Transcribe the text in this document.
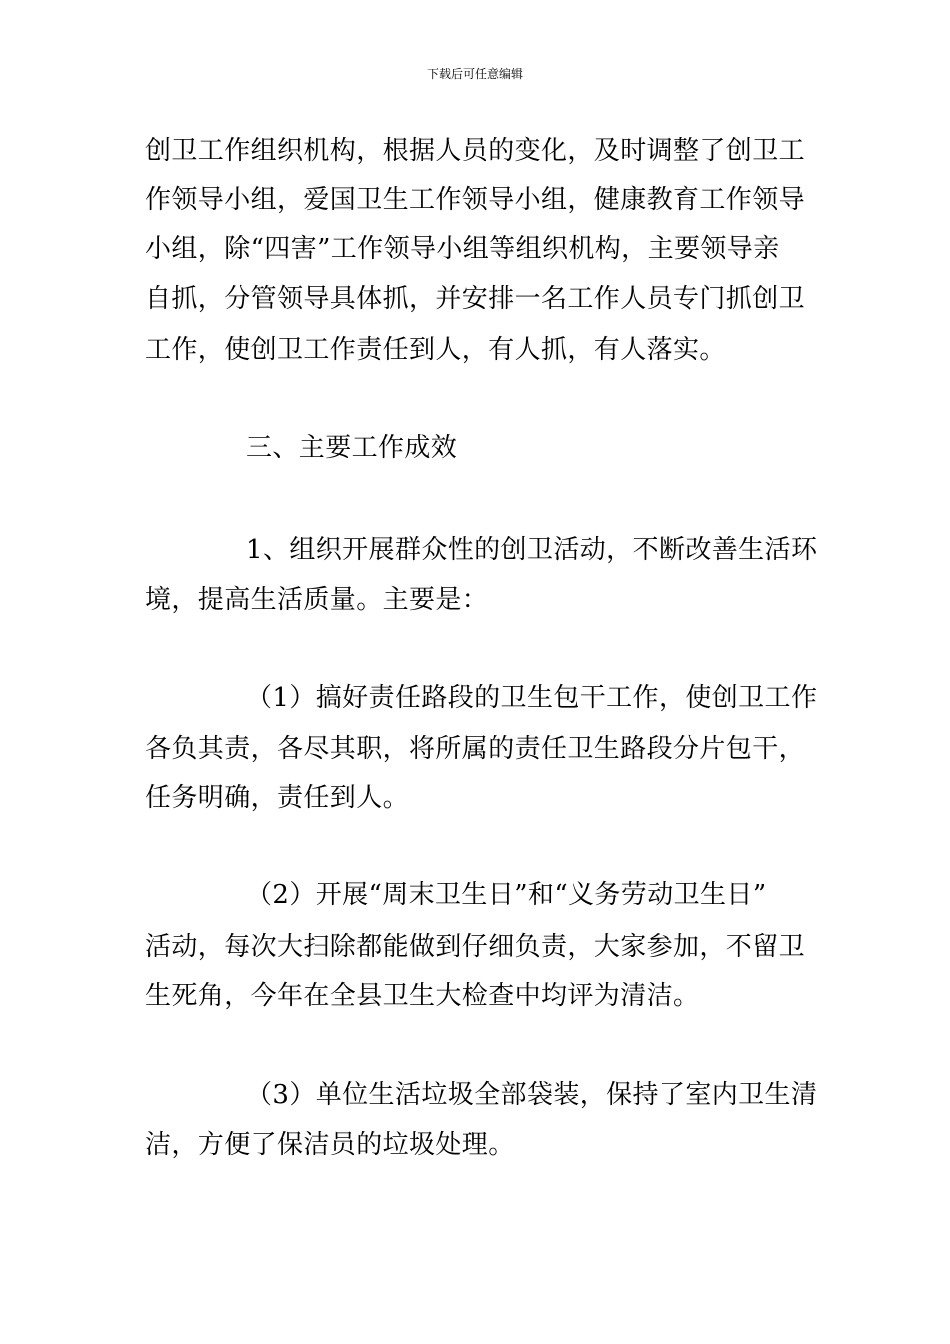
下载后可任意编辑
创卫工作组织机构，根据人员的变化，及时调整了创卫工
作领导小组，爱国卫生工作领导小组，健康教育工作领导
小组，除“四害”工作领导小组等组织机构，主要领导亲
自抓，分管领导具体抓，并安排一名工作人员专门抓创卫
工作，使创卫工作责任到人，有人抓，有人落实。
三、主要工作成效
1、组织开展群众性的创卫活动，不断改善生活环
境，提高生活质量。主要是：
（1）搞好责任路段的卫生包干工作，使创卫工作
各负其责，各尽其职，将所属的责任卫生路段分片包干，
任务明确，责任到人。
（2）开展“周末卫生日”和“义务劳动卫生日”
活动，每次大扫除都能做到仔细负责，大家参加，不留卫
生死角，今年在全县卫生大检查中均评为清洁。
（3）单位生活垃圾全部袋装，保持了室内卫生清
洁，方便了保洁员的垃圾处理。
